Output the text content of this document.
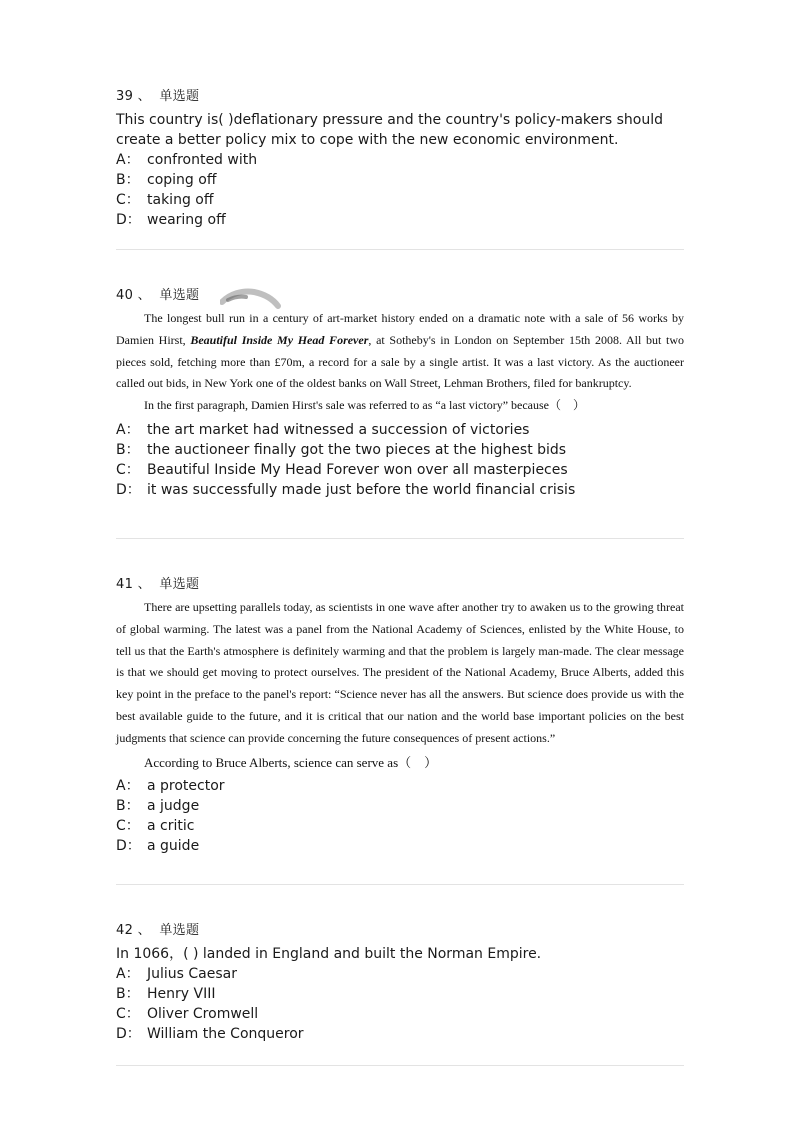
39 、 单选题
This country is( )deflationary pressure and the country's policy-makers should create a better policy mix to cope with the new economic environment.
A： confronted with
B： coping off
C： taking off
D： wearing off
40 、 单选题

The longest bull run in a century of art-market history ended on a dramatic note with a sale of 56 works by Damien Hirst, Beautiful Inside My Head Forever, at Sotheby's in London on September 15th 2008. All but two pieces sold, fetching more than £70m, a record for a sale by a single artist. It was a last victory. As the auctioneer called out bids, in New York one of the oldest banks on Wall Street, Lehman Brothers, filed for bankruptcy.

In the first paragraph, Damien Hirst's sale was referred to as “a last victory” because（　）

A： the art market had witnessed a succession of victories
B： the auctioneer finally got the two pieces at the highest bids
C： Beautiful Inside My Head Forever won over all masterpieces
D： it was successfully made just before the world financial crisis
41 、 单选题

There are upsetting parallels today, as scientists in one wave after another try to awaken us to the growing threat of global warming. The latest was a panel from the National Academy of Sciences, enlisted by the White House, to tell us that the Earth's atmosphere is definitely warming and that the problem is largely man-made. The clear message is that we should get moving to protect ourselves. The president of the National Academy, Bruce Alberts, added this key point in the preface to the panel's report: “Science never has all the answers. But science does provide us with the best available guide to the future, and it is critical that our nation and the world base important policies on the best judgments that science can provide concerning the future consequences of present actions.”

According to Bruce Alberts, science can serve as（　）

A： a protector
B： a judge
C： a critic
D： a guide
42 、 单选题
In 1066，( ) landed in England and built the Norman Empire.
A： Julius Caesar
B： Henry VIII
C： Oliver Cromwell
D： William the Conqueror
